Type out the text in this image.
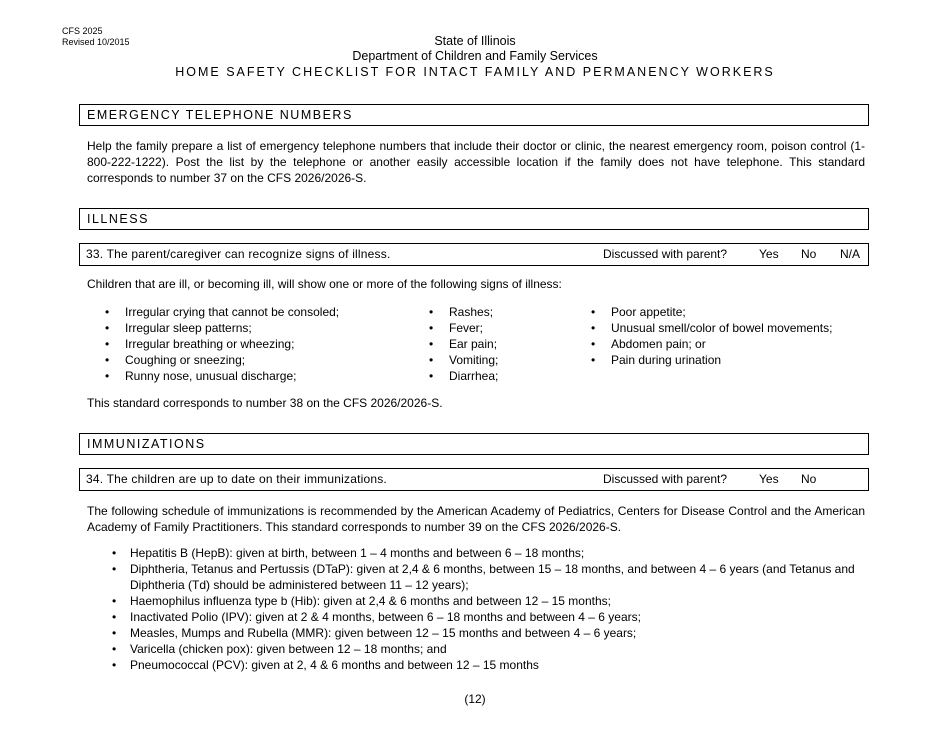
CFS 2025
Revised 10/2015	State of Illinois
Department of Children and Family Services
HOME SAFETY CHECKLIST FOR INTACT FAMILY AND PERMANENCY WORKERS
EMERGENCY TELEPHONE NUMBERS
Help the family prepare a list of emergency telephone numbers that include their doctor or clinic, the nearest emergency room, poison control (1-800-222-1222). Post the list by the telephone or another easily accessible location if the family does not have telephone. This standard corresponds to number 37 on the CFS 2026/2026-S.
ILLNESS
33. The parent/caregiver can recognize signs of illness.	Discussed with parent?	Yes No N/A
Children that are ill, or becoming ill, will show one or more of the following signs of illness:
• Irregular crying that cannot be consoled;
• Irregular sleep patterns;
• Irregular breathing or wheezing;
• Coughing or sneezing;
• Runny nose, unusual discharge;
• Rashes;
• Fever;
• Ear pain;
• Vomiting;
• Diarrhea;
• Poor appetite;
• Unusual smell/color of bowel movements;
• Abdomen pain; or
• Pain during urination
This standard corresponds to number 38 on the CFS 2026/2026-S.
IMMUNIZATIONS
34. The children are up to date on their immunizations.	Discussed with parent?	Yes No
The following schedule of immunizations is recommended by the American Academy of Pediatrics, Centers for Disease Control and the American Academy of Family Practitioners. This standard corresponds to number 39 on the CFS 2026/2026-S.
• Hepatitis B (HepB): given at birth, between 1 – 4 months and between 6 – 18 months;
• Diphtheria, Tetanus and Pertussis (DTaP): given at 2,4 & 6 months, between 15 – 18 months, and between 4 – 6 years (and Tetanus and Diphtheria (Td) should be administered between 11 – 12 years);
• Haemophilus influenza type b (Hib): given at 2,4 & 6 months and between 12 – 15 months;
• Inactivated Polio (IPV): given at 2 & 4 months, between 6 – 18 months and between 4 – 6 years;
• Measles, Mumps and Rubella (MMR): given between 12 – 15 months and between 4 – 6 years;
• Varicella (chicken pox): given between 12 – 18 months; and
• Pneumococcal (PCV): given at 2, 4 & 6 months and between 12 – 15 months
(12)
